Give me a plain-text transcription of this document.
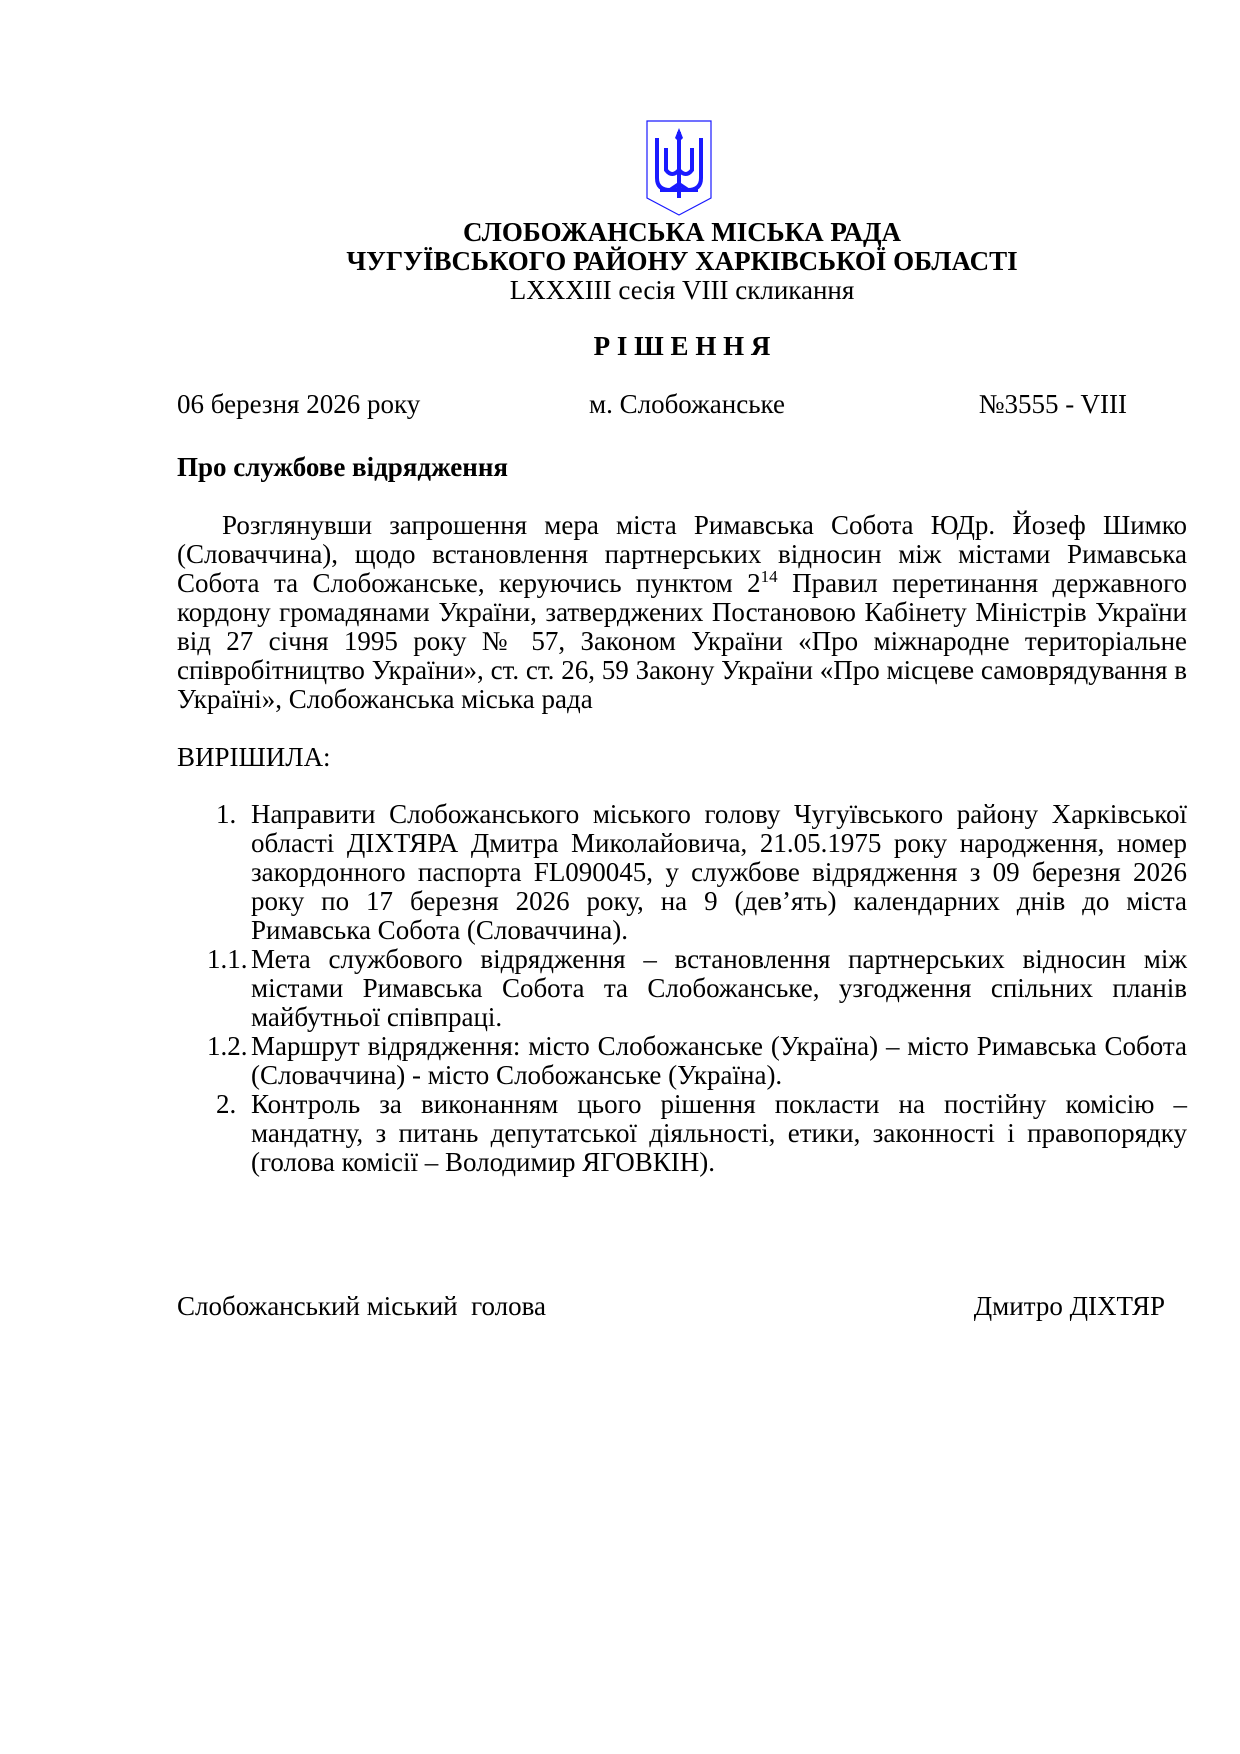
СЛОБОЖАНСЬКА МІСЬКА РАДА
ЧУГУЇВСЬКОГО РАЙОНУ ХАРКІВСЬКОЇ ОБЛАСТІ
LXXXIII сесія VIII скликання
Р І Ш Е Н Н Я
06 березня 2026 року	м. Слобожанське	№3555 - VIII
Про службове відрядження

Розглянувши запрошення мера міста Римавська Собота ЮДр. Йозеф Шимко (Словаччина), щодо встановлення партнерських відносин між містами Римавська Собота та Слобожанське, керуючись пунктом $2^{14}$ Правил перетинання державного кордону громадянами України, затверджених Постановою Кабінету Міністрів України від 27 січня 1995 року № 57, Законом України «Про міжнародне територіальне співробітництво України», ст. ст. 26, 59 Закону України «Про місцеве самоврядування в Україні», Слобожанська міська рада

ВИРІШИЛА:
1. Направити Слобожанського міського голову Чугуївського району Харківської області ДІХТЯРА Дмитра Миколайовича, 21.05.1975 року народження, номер закордонного паспорта FL090045, у службове відрядження з 09 березня 2026 року по 17 березня 2026 року, на 9 (дев’ять) календарних днів до міста Римавська Собота (Словаччина).
1.1. Мета службового відрядження – встановлення партнерських відносин між містами Римавська Собота та Слобожанське, узгодження спільних планів майбутньої співпраці.
1.2. Маршрут відрядження: місто Слобожанське (Україна) – місто Римавська Собота (Словаччина) - місто Слобожанське (Україна).
2. Контроль за виконанням цього рішення покласти на постійну комісію – мандатну, з питань депутатської діяльності, етики, законності і правопорядку (голова комісії – Володимир ЯГОВКІН).
Слобожанський міський  голова	Дмитро ДІХТЯР
